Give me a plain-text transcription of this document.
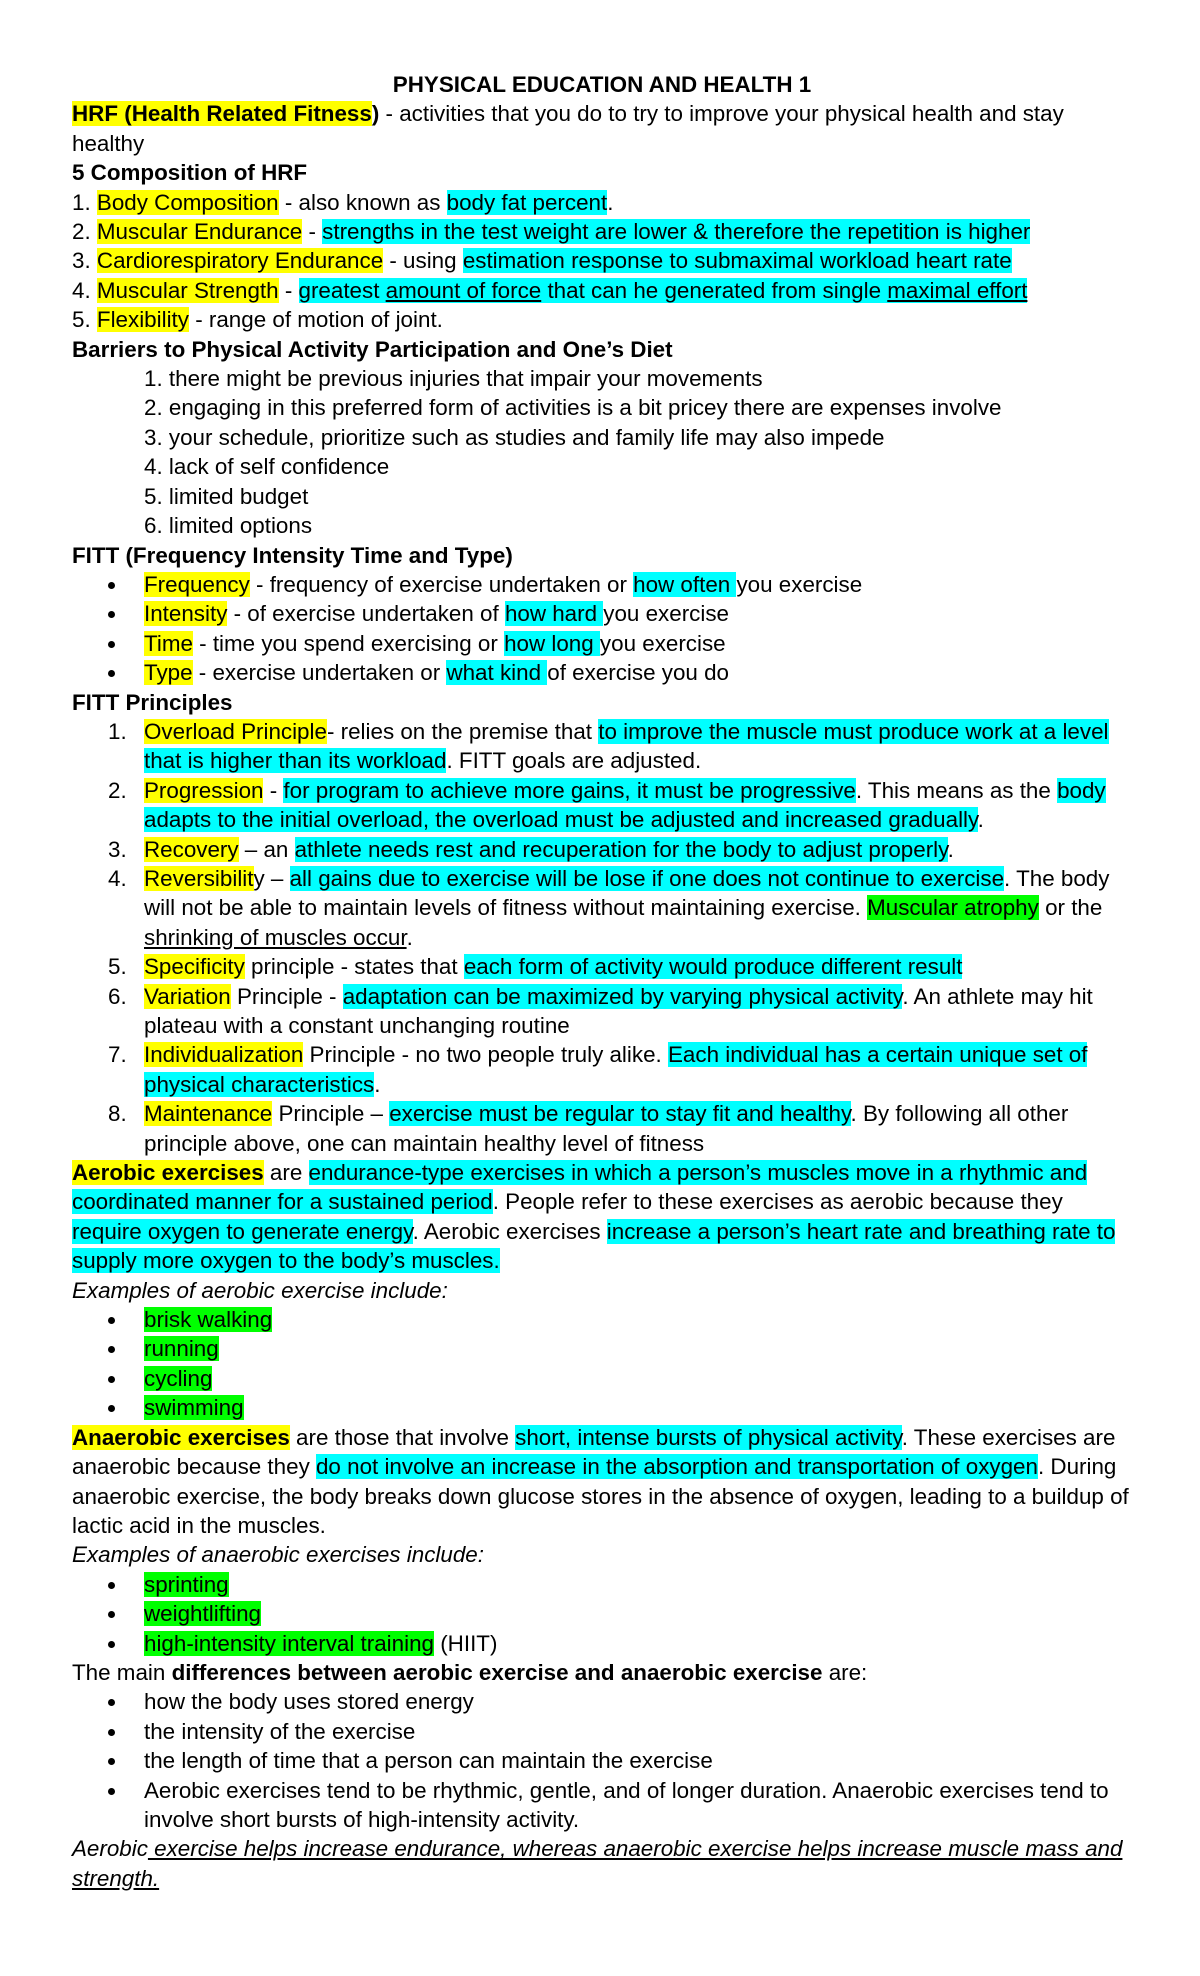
PHYSICAL EDUCATION AND HEALTH 1
HRF (Health Related Fitness) - activities that you do to try to improve your physical health and stay healthy
5 Composition of HRF
1. Body Composition - also known as body fat percent.
2. Muscular Endurance - strengths in the test weight are lower & therefore the repetition is higher
3. Cardiorespiratory Endurance - using estimation response to submaximal workload heart rate
4. Muscular Strength - greatest amount of force that can he generated from single maximal effort
5. Flexibility - range of motion of joint.
Barriers to Physical Activity Participation and One’s Diet
1. there might be previous injuries that impair your movements
2. engaging in this preferred form of activities is a bit pricey there are expenses involve
3. your schedule, prioritize such as studies and family life may also impede
4. lack of self confidence
5. limited budget
6. limited options
FITT (Frequency Intensity Time and Type)
Frequency - frequency of exercise undertaken or how often you exercise
Intensity - of exercise undertaken of how hard you exercise
Time - time you spend exercising or how long you exercise
Type - exercise undertaken or what kind of exercise you do
FITT Principles
1. Overload Principle- relies on the premise that to improve the muscle must produce work at a level that is higher than its workload. FITT goals are adjusted.
2. Progression - for program to achieve more gains, it must be progressive. This means as the body adapts to the initial overload, the overload must be adjusted and increased gradually.
3. Recovery – an athlete needs rest and recuperation for the body to adjust properly.
4. Reversibility – all gains due to exercise will be lose if one does not continue to exercise. The body will not be able to maintain levels of fitness without maintaining exercise. Muscular atrophy or the shrinking of muscles occur.
5. Specificity principle - states that each form of activity would produce different result
6. Variation Principle - adaptation can be maximized by varying physical activity. An athlete may hit plateau with a constant unchanging routine
7. Individualization Principle - no two people truly alike. Each individual has a certain unique set of physical characteristics.
8. Maintenance Principle – exercise must be regular to stay fit and healthy. By following all other principle above, one can maintain healthy level of fitness
Aerobic exercises are endurance-type exercises in which a person’s muscles move in a rhythmic and coordinated manner for a sustained period. People refer to these exercises as aerobic because they require oxygen to generate energy. Aerobic exercises increase a person’s heart rate and breathing rate to supply more oxygen to the body’s muscles.
Examples of aerobic exercise include:
brisk walking
running
cycling
swimming
Anaerobic exercises are those that involve short, intense bursts of physical activity. These exercises are anaerobic because they do not involve an increase in the absorption and transportation of oxygen. During anaerobic exercise, the body breaks down glucose stores in the absence of oxygen, leading to a buildup of lactic acid in the muscles.
Examples of anaerobic exercises include:
sprinting
weightlifting
high-intensity interval training (HIIT)
The main differences between aerobic exercise and anaerobic exercise are:
how the body uses stored energy
the intensity of the exercise
the length of time that a person can maintain the exercise
Aerobic exercises tend to be rhythmic, gentle, and of longer duration. Anaerobic exercises tend to involve short bursts of high-intensity activity.
Aerobic exercise helps increase endurance, whereas anaerobic exercise helps increase muscle mass and strength.
